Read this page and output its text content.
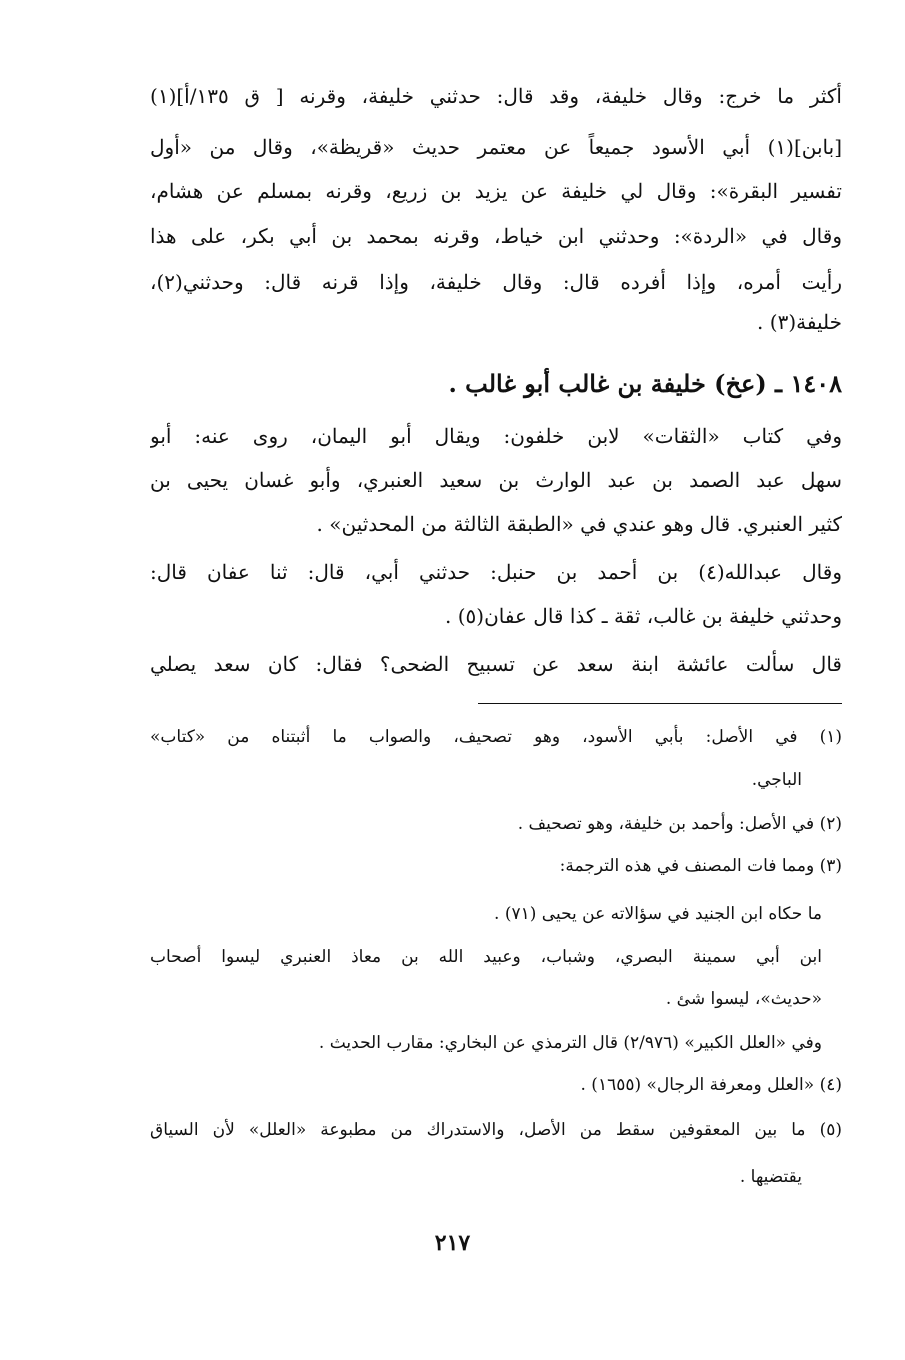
أكثر ما خرج: وقال خليفة، وقد قال: حدثني خليفة، وقرنه [ ق ١٣٥/أ](١)
[بابن](١) أبي الأسود جميعاً عن معتمر حديث «قريظة»، وقال من «أول
تفسير البقرة»: وقال لي خليفة عن يزيد بن زريع، وقرنه بمسلم عن هشام،
وقال في «الردة»: وحدثني ابن خياط، وقرنه بمحمد بن أبي بكر، على هذا
رأيت أمره، وإذا أفرده قال: وقال خليفة، وإذا قرنه قال: وحدثني(٢)،
خليفة(٣) .
١٤٠٨ ـ (عخ) خليفة بن غالب أبو غالب .
وفي كتاب «الثقات» لابن خلفون: ويقال أبو اليمان، روى عنه: أبو
سهل عبد الصمد بن عبد الوارث بن سعيد العنبري، وأبو غسان يحيى بن
كثير العنبري. قال وهو عندي في «الطبقة الثالثة من المحدثين» .
وقال عبدالله(٤) بن أحمد بن حنبل: حدثني أبي، قال: ثنا عفان قال:
وحدثني خليفة بن غالب، ثقة ـ كذا قال عفان(٥) .
قال سألت عائشة ابنة سعد عن تسبيح الضحى؟ فقال: كان سعد يصلي
(١) في الأصل: بأبي الأسود، وهو تصحيف، والصواب ما أثبتناه من «كتاب»
الباجي.
(٢) في الأصل: وأحمد بن خليفة، وهو تصحيف .
(٣) ومما فات المصنف في هذه الترجمة:
ما حكاه ابن الجنيد في سؤالاته عن يحيى (٧١) .
ابن أبي سمينة البصري، وشباب، وعبيد الله بن معاذ العنبري ليسوا أصحاب
«حديث»، ليسوا شئ .
وفي «العلل الكبير» (٢/٩٧٦) قال الترمذي عن البخاري: مقارب الحديث .
(٤) «العلل ومعرفة الرجال» (١٦٥٥) .
(٥) ما بين المعقوفين سقط من الأصل، والاستدراك من مطبوعة «العلل» لأن السياق
يقتضيها .
٢١٧
